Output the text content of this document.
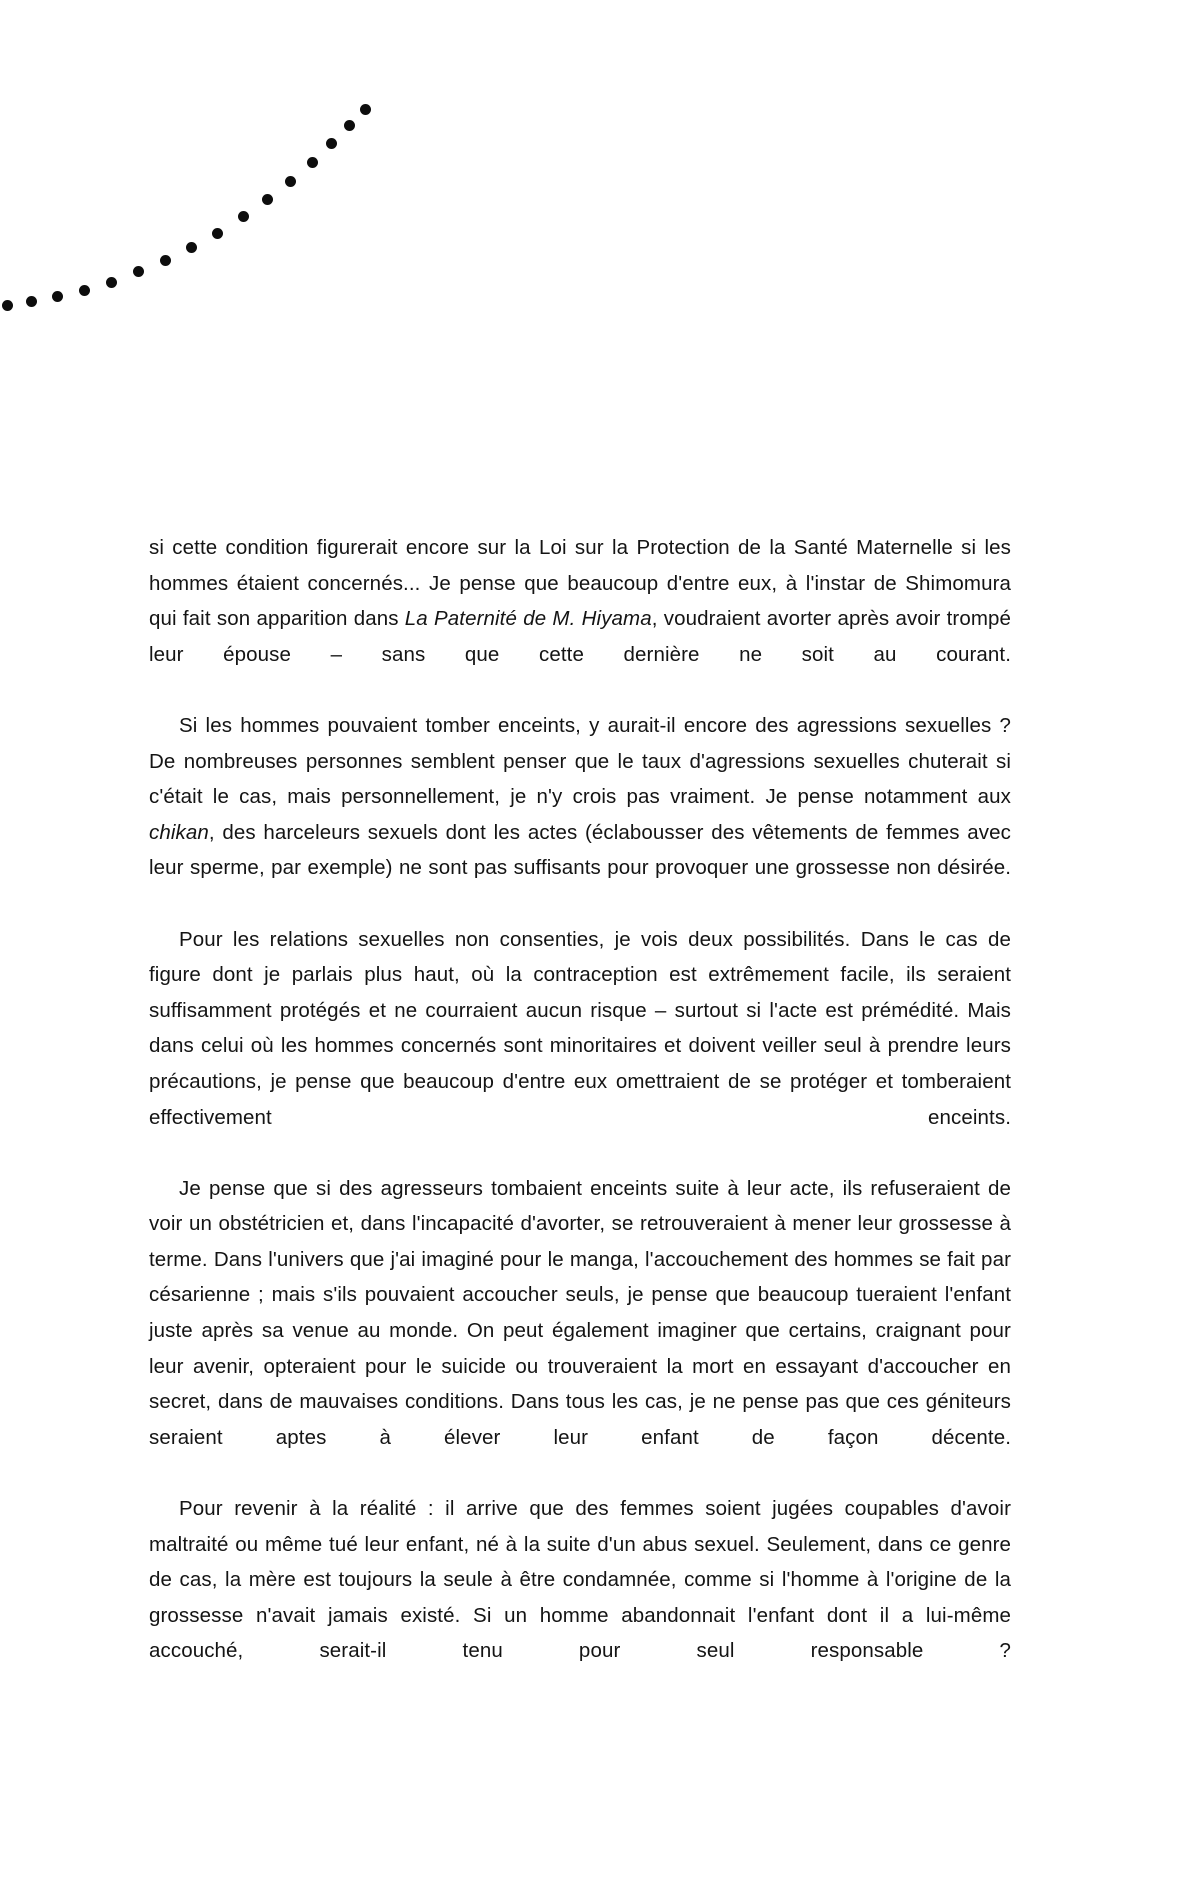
si cette condition figurerait encore sur la Loi sur la Protection de la Santé Maternelle si les hommes étaient concernés... Je pense que beaucoup d'entre eux, à l'instar de Shimomura qui fait son apparition dans La Paternité de M. Hiyama, voudraient avorter après avoir trompé leur épouse – sans que cette dernière ne soit au courant.

Si les hommes pouvaient tomber enceints, y aurait-il encore des agressions sexuelles ? De nombreuses personnes semblent penser que le taux d'agressions sexuelles chuterait si c'était le cas, mais personnellement, je n'y crois pas vraiment. Je pense notamment aux chikan, des harceleurs sexuels dont les actes (éclabousser des vêtements de femmes avec leur sperme, par exemple) ne sont pas suffisants pour provoquer une grossesse non désirée.

Pour les relations sexuelles non consenties, je vois deux possibilités. Dans le cas de figure dont je parlais plus haut, où la contraception est extrêmement facile, ils seraient suffisamment protégés et ne courraient aucun risque – surtout si l'acte est prémédité. Mais dans celui où les hommes concernés sont minoritaires et doivent veiller seul à prendre leurs précautions, je pense que beaucoup d'entre eux omettraient de se protéger et tomberaient effectivement enceints.

Je pense que si des agresseurs tombaient enceints suite à leur acte, ils refuseraient de voir un obstétricien et, dans l'incapacité d'avorter, se retrouveraient à mener leur grossesse à terme. Dans l'univers que j'ai imaginé pour le manga, l'accouchement des hommes se fait par césarienne ; mais s'ils pouvaient accoucher seuls, je pense que beaucoup tueraient l'enfant juste après sa venue au monde. On peut également imaginer que certains, craignant pour leur avenir, opteraient pour le suicide ou trouveraient la mort en essayant d'accoucher en secret, dans de mauvaises conditions. Dans tous les cas, je ne pense pas que ces géniteurs seraient aptes à élever leur enfant de façon décente.

Pour revenir à la réalité : il arrive que des femmes soient jugées coupables d'avoir maltraité ou même tué leur enfant, né à la suite d'un abus sexuel. Seulement, dans ce genre de cas, la mère est toujours la seule à être condamnée, comme si l'homme à l'origine de la grossesse n'avait jamais existé. Si un homme abandonnait l'enfant dont il a lui-même accouché, serait-il tenu pour seul responsable ?
